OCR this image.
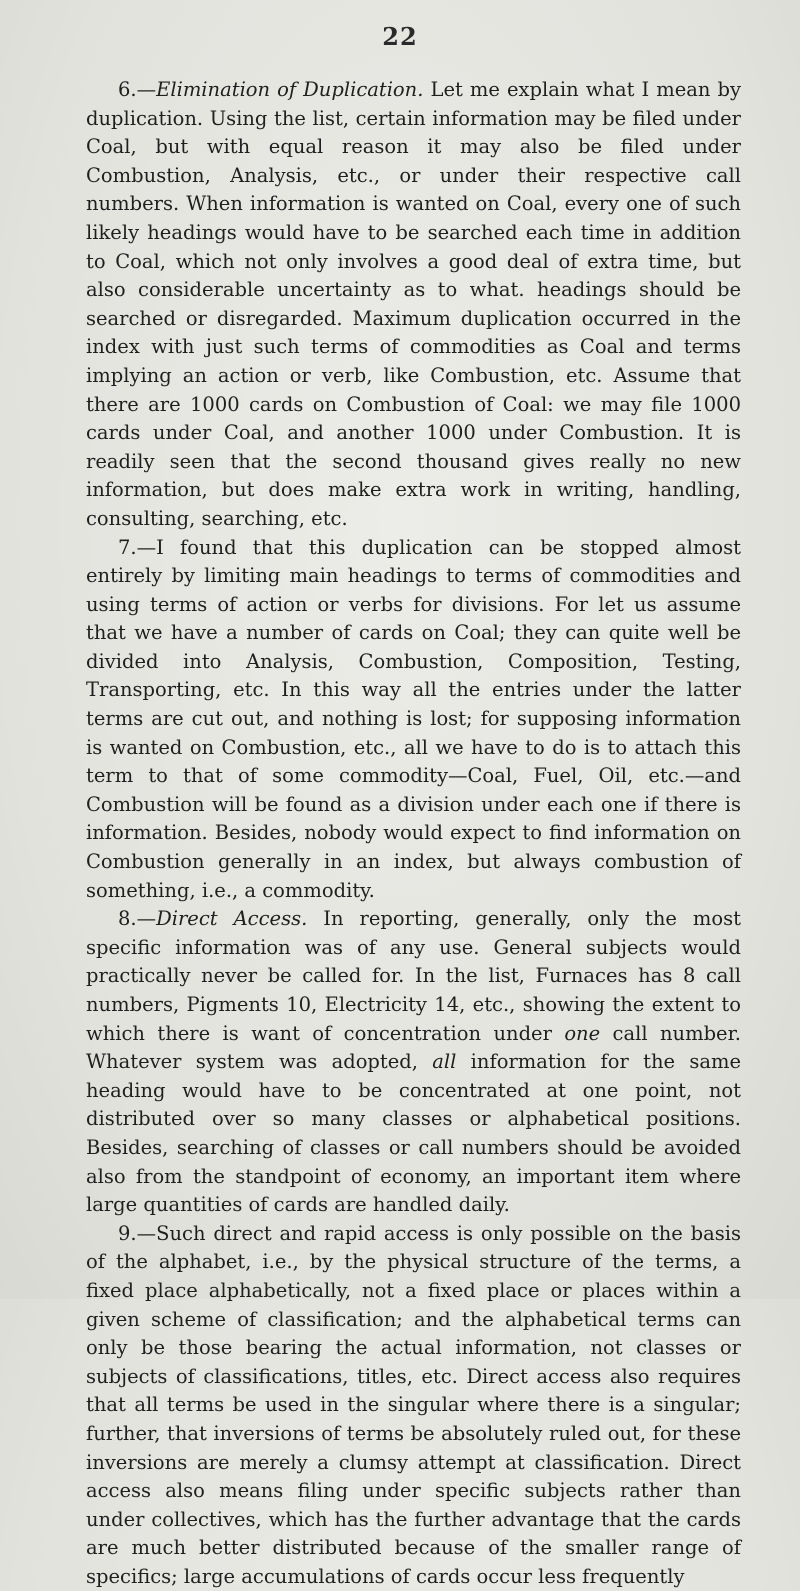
22

6.—Elimination of Duplication. Let me explain what I mean by duplication. Using the list, certain information may be filed under Coal, but with equal reason it may also be filed under Combustion, Analysis, etc., or under their respective call numbers. When information is wanted on Coal, every one of such likely headings would have to be searched each time in addition to Coal, which not only involves a good deal of extra time, but also considerable uncertainty as to what. headings should be searched or disregarded. Maximum duplication occurred in the index with just such terms of commodities as Coal and terms implying an action or verb, like Combustion, etc. Assume that there are 1000 cards on Combustion of Coal: we may file 1000 cards under Coal, and another 1000 under Combustion. It is readily seen that the second thousand gives really no new information, but does make extra work in writing, handling, consulting, searching, etc.

7.—I found that this duplication can be stopped almost entirely by limiting main headings to terms of commodities and using terms of action or verbs for divisions. For let us assume that we have a number of cards on Coal; they can quite well be divided into Analysis, Combustion, Composition, Testing, Transporting, etc. In this way all the entries under the latter terms are cut out, and nothing is lost; for supposing information is wanted on Combustion, etc., all we have to do is to attach this term to that of some commodity—Coal, Fuel, Oil, etc.—and Combustion will be found as a division under each one if there is information. Besides, nobody would expect to find information on Combustion generally in an index, but always combustion of something, i.e., a commodity.

8.—Direct Access. In reporting, generally, only the most specific information was of any use. General subjects would practically never be called for. In the list, Furnaces has 8 call numbers, Pigments 10, Electricity 14, etc., showing the extent to which there is want of concentration under one call number. Whatever system was adopted, all information for the same heading would have to be concentrated at one point, not distributed over so many classes or alphabetical positions. Besides, searching of classes or call numbers should be avoided also from the standpoint of economy, an important item where large quantities of cards are handled daily.

9.—Such direct and rapid access is only possible on the basis of the alphabet, i.e., by the physical structure of the terms, a fixed place alphabetically, not a fixed place or places within a given scheme of classification; and the alphabetical terms can only be those bearing the actual information, not classes or subjects of classifications, titles, etc. Direct access also requires that all terms be used in the singular where there is a singular; further, that inversions of terms be absolutely ruled out, for these inversions are merely a clumsy attempt at classification. Direct access also means filing under specific subjects rather than under collectives, which has the further advantage that the cards are much better distributed because of the smaller range of specifics; large accumulations of cards occur less frequently
